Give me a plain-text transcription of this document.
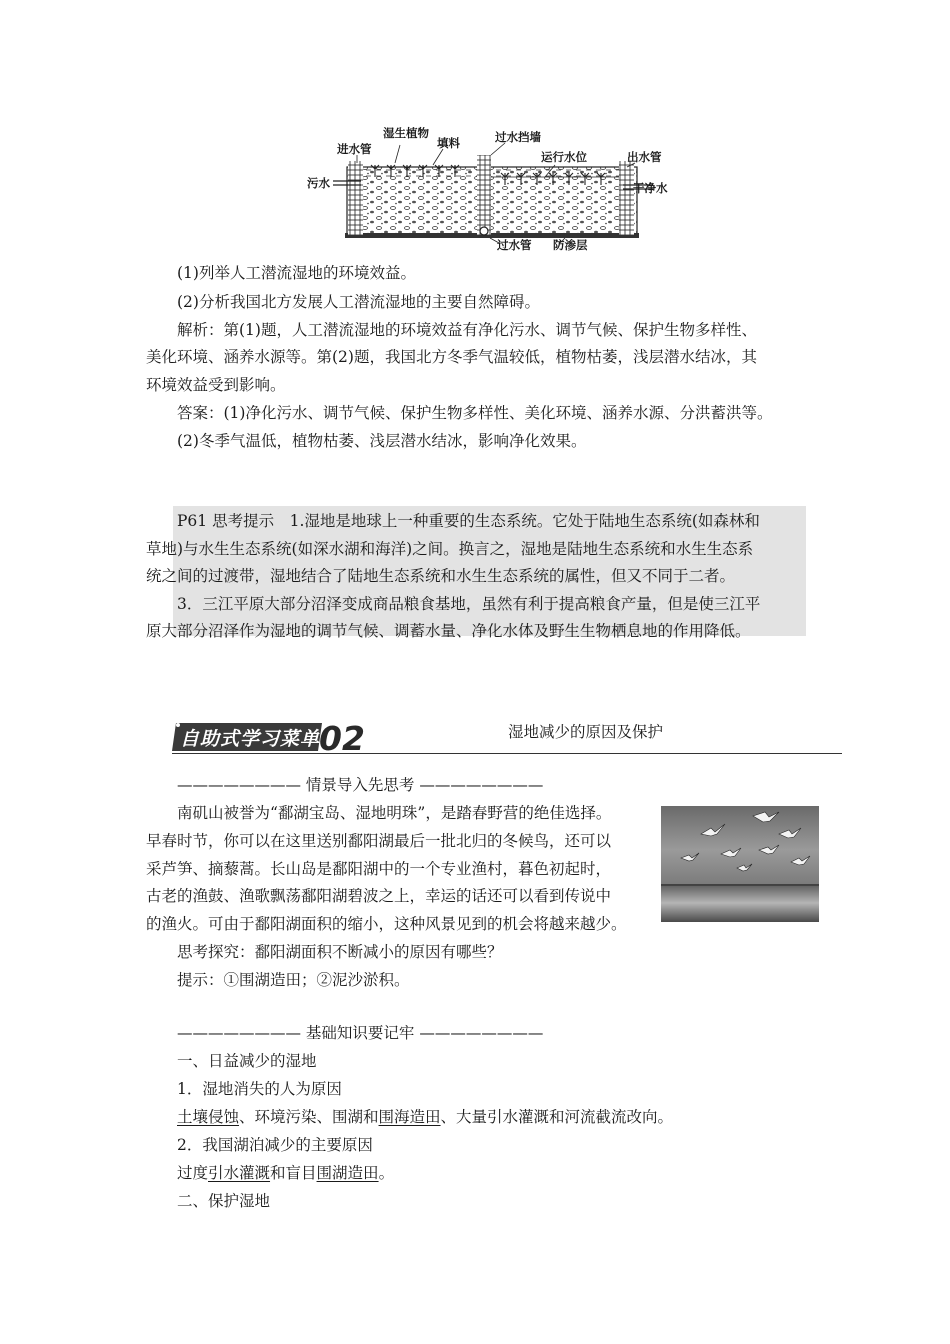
进水管
湿生植物
填料	过水挡墙
运行水位	出水管
污水	干净水
过水管 防渗层
(1)列举人工潜流湿地的环境效益。
(2)分析我国北方发展人工潜流湿地的主要自然障碍。
解析：第(1)题，人工潜流湿地的环境效益有净化污水、调节气候、保护生物多样性、
美化环境、涵养水源等。第(2)题，我国北方冬季气温较低，植物枯萎，浅层潜水结冰，其
环境效益受到影响。
答案：(1)净化污水、调节气候、保护生物多样性、美化环境、涵养水源、分洪蓄洪等。
(2)冬季气温低，植物枯萎、浅层潜水结冰，影响净化效果。
P61 思考提示　1.湿地是地球上一种重要的生态系统。它处于陆地生态系统(如森林和
草地)与水生生态系统(如深水湖和海洋)之间。换言之，湿地是陆地生态系统和水生生态系
统之间的过渡带，湿地结合了陆地生态系统和水生生态系统的属性，但又不同于二者。
3．三江平原大部分沼泽变成商品粮食基地，虽然有利于提高粮食产量，但是使三江平
原大部分沼泽作为湿地的调节气候、调蓄水量、净化水体及野生生物栖息地的作用降低。
自助式学习菜单
02	湿地减少的原因及保护
———————— 情景导入先思考 ————————
南矶山被誉为“鄱湖宝岛、湿地明珠”，是踏春野营的绝佳选择。
早春时节，你可以在这里送别鄱阳湖最后一批北归的冬候鸟，还可以
采芦笋、摘藜蒿。长山岛是鄱阳湖中的一个专业渔村，暮色初起时，
古老的渔鼓、渔歌飘荡鄱阳湖碧波之上，幸运的话还可以看到传说中
的渔火。可由于鄱阳湖面积的缩小，这种风景见到的机会将越来越少。
思考探究：鄱阳湖面积不断减小的原因有哪些？
提示：①围湖造田；②泥沙淤积。
———————— 基础知识要记牢 ————————
一、日益减少的湿地
1．湿地消失的人为原因
土壤侵蚀、环境污染、围湖和围海造田、大量引水灌溉和河流截流改向。
2．我国湖泊减少的主要原因
过度引水灌溉和盲目围湖造田。
二、保护湿地
